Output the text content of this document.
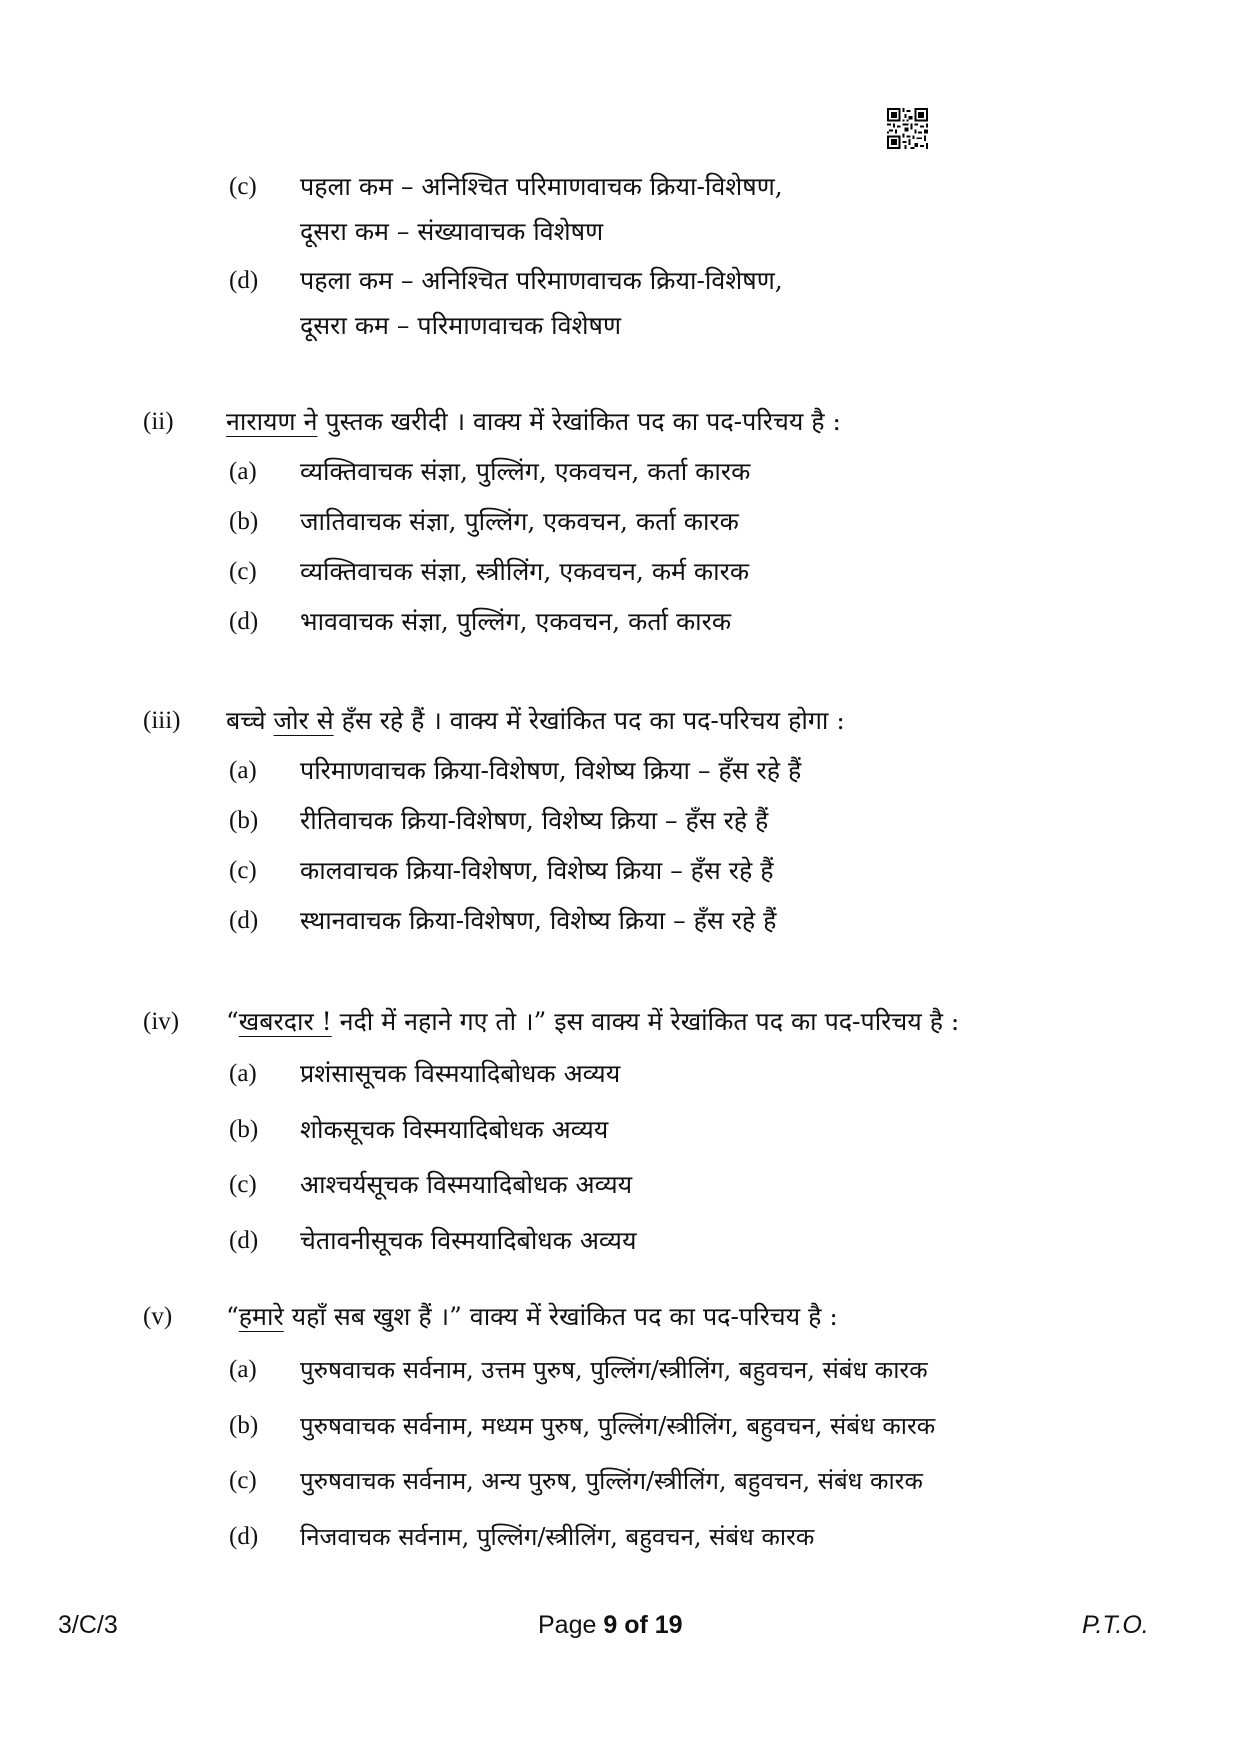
(c) पहला कम – अनिश्चित परिमाणवाचक क्रिया-विशेषण,
दूसरा कम – संख्यावाचक विशेषण
(d) पहला कम – अनिश्चित परिमाणवाचक क्रिया-विशेषण,
दूसरा कम – परिमाणवाचक विशेषण
(ii) नारायण ने पुस्तक खरीदी । वाक्य में रेखांकित पद का पद-परिचय है :
(a) व्यक्तिवाचक संज्ञा, पुल्लिंग, एकवचन, कर्ता कारक
(b) जातिवाचक संज्ञा, पुल्लिंग, एकवचन, कर्ता कारक
(c) व्यक्तिवाचक संज्ञा, स्त्रीलिंग, एकवचन, कर्म कारक
(d) भाववाचक संज्ञा, पुल्लिंग, एकवचन, कर्ता कारक
(iii) बच्चे जोर से हँस रहे हैं । वाक्य में रेखांकित पद का पद-परिचय होगा :
(a) परिमाणवाचक क्रिया-विशेषण, विशेष्य क्रिया – हँस रहे हैं
(b) रीतिवाचक क्रिया-विशेषण, विशेष्य क्रिया – हँस रहे हैं
(c) कालवाचक क्रिया-विशेषण, विशेष्य क्रिया – हँस रहे हैं
(d) स्थानवाचक क्रिया-विशेषण, विशेष्य क्रिया – हँस रहे हैं
(iv) “खबरदार ! नदी में नहाने गए तो ।” इस वाक्य में रेखांकित पद का पद-परिचय है :
(a) प्रशंसासूचक विस्मयादिबोधक अव्यय
(b) शोकसूचक विस्मयादिबोधक अव्यय
(c) आश्चर्यसूचक विस्मयादिबोधक अव्यय
(d) चेतावनीसूचक विस्मयादिबोधक अव्यय
(v) “हमारे यहाँ सब खुश हैं ।” वाक्य में रेखांकित पद का पद-परिचय है :
(a) पुरुषवाचक सर्वनाम, उत्तम पुरुष, पुल्लिंग/स्त्रीलिंग, बहुवचन, संबंध कारक
(b) पुरुषवाचक सर्वनाम, मध्यम पुरुष, पुल्लिंग/स्त्रीलिंग, बहुवचन, संबंध कारक
(c) पुरुषवाचक सर्वनाम, अन्य पुरुष, पुल्लिंग/स्त्रीलिंग, बहुवचन, संबंध कारक
(d) निजवाचक सर्वनाम, पुल्लिंग/स्त्रीलिंग, बहुवचन, संबंध कारक
3/C/3	Page 9 of 19	P.T.O.
